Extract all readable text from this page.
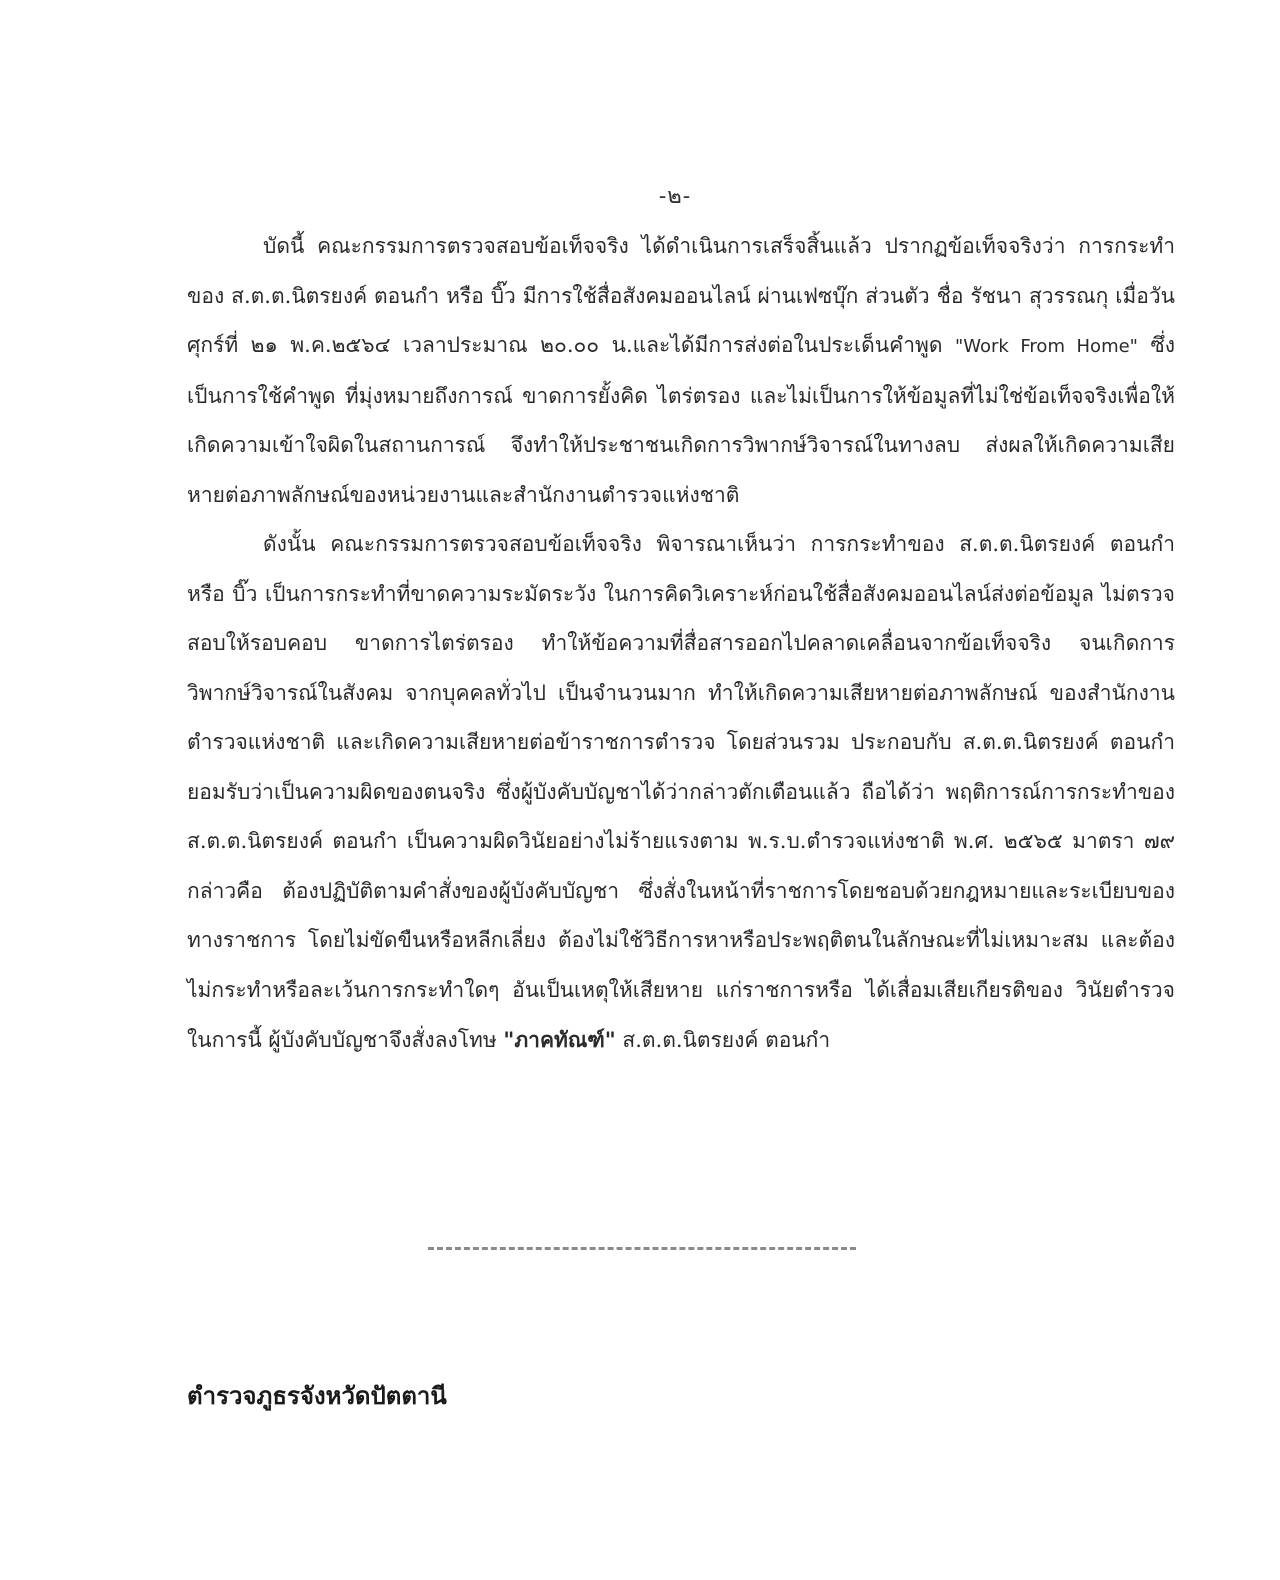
-๒-

บัดนี้ คณะกรรมการตรวจสอบข้อเท็จจริง ได้ดำเนินการเสร็จสิ้นแล้ว ปรากฏข้อเท็จจริงว่า การกระทำของ ส.ต.ต.นิตรยงค์ ตอนกำ หรือ บิ๊ว มีการใช้สื่อสังคมออนไลน์ ผ่านเฟซบุ๊ก ส่วนตัว ชื่อ รัชนา สุวรรณกุ เมื่อวันศุกร์ที่ ๒๑ พ.ค.๒๕๖๔ เวลาประมาณ ๒๐.๐๐ น.และได้มีการส่งต่อในประเด็นคำพูด "Work From Home" ซึ่งเป็นการใช้คำพูด ที่มุ่งหมายถึงการณ์ ขาดการยั้งคิด ไตร่ตรอง และไม่เป็นการให้ข้อมูลที่ไม่ใช่ข้อเท็จจริงเพื่อให้เกิดความเข้าใจผิดในสถานการณ์ จึงทำให้ประชาชนเกิดการวิพากษ์วิจารณ์ในทางลบ ส่งผลให้เกิดความเสียหายต่อภาพลักษณ์ของหน่วยงานและสำนักงานตำรวจแห่งชาติ

ดังนั้น คณะกรรมการตรวจสอบข้อเท็จจริง พิจารณาเห็นว่า การกระทำของ ส.ต.ต.นิตรยงค์ ตอนกำ หรือ บิ๊ว เป็นการกระทำที่ขาดความระมัดระวัง ในการคิดวิเคราะห์ก่อนใช้สื่อสังคมออนไลน์ส่งต่อข้อมูล ไม่ตรวจสอบให้รอบคอบ ขาดการไตร่ตรอง ทำให้ข้อความที่สื่อสารออกไปคลาดเคลื่อนจากข้อเท็จจริง จนเกิดการวิพากษ์วิจารณ์ในสังคม จากบุคคลทั่วไป เป็นจำนวนมาก ทำให้เกิดความเสียหายต่อภาพลักษณ์ ของสำนักงานตำรวจแห่งชาติ และเกิดความเสียหายต่อข้าราชการตำรวจ โดยส่วนรวม ประกอบกับ ส.ต.ต.นิตรยงค์ ตอนกำ ยอมรับว่าเป็นความผิดของตนจริง ซึ่งผู้บังคับบัญชาได้ว่ากล่าวตักเตือนแล้ว ถือได้ว่า พฤติการณ์การกระทำของ ส.ต.ต.นิตรยงค์ ตอนกำ เป็นความผิดวินัยอย่างไม่ร้ายแรงตาม พ.ร.บ.ตำรวจแห่งชาติ พ.ศ. ๒๕๖๕ มาตรา ๗๙ กล่าวคือ ต้องปฏิบัติตามคำสั่งของผู้บังคับบัญชา ซึ่งสั่งในหน้าที่ราชการโดยชอบด้วยกฎหมายและระเบียบของทางราชการ โดยไม่ขัดขืนหรือหลีกเลี่ยง ต้องไม่ใช้วิธีการหาหรือประพฤติตนในลักษณะที่ไม่เหมาะสม และต้องไม่กระทำหรือละเว้นการกระทำใดๆ อันเป็นเหตุให้เสียหาย แก่ราชการหรือ ได้เสื่อมเสียเกียรติของ วินัยตำรวจ ในการนี้ ผู้บังคับบัญชาจึงสั่งลงโทษ "ภาคทัณฑ์" ส.ต.ต.นิตรยงค์ ตอนกำ

ตำรวจภูธรจังหวัดปัตตานี
